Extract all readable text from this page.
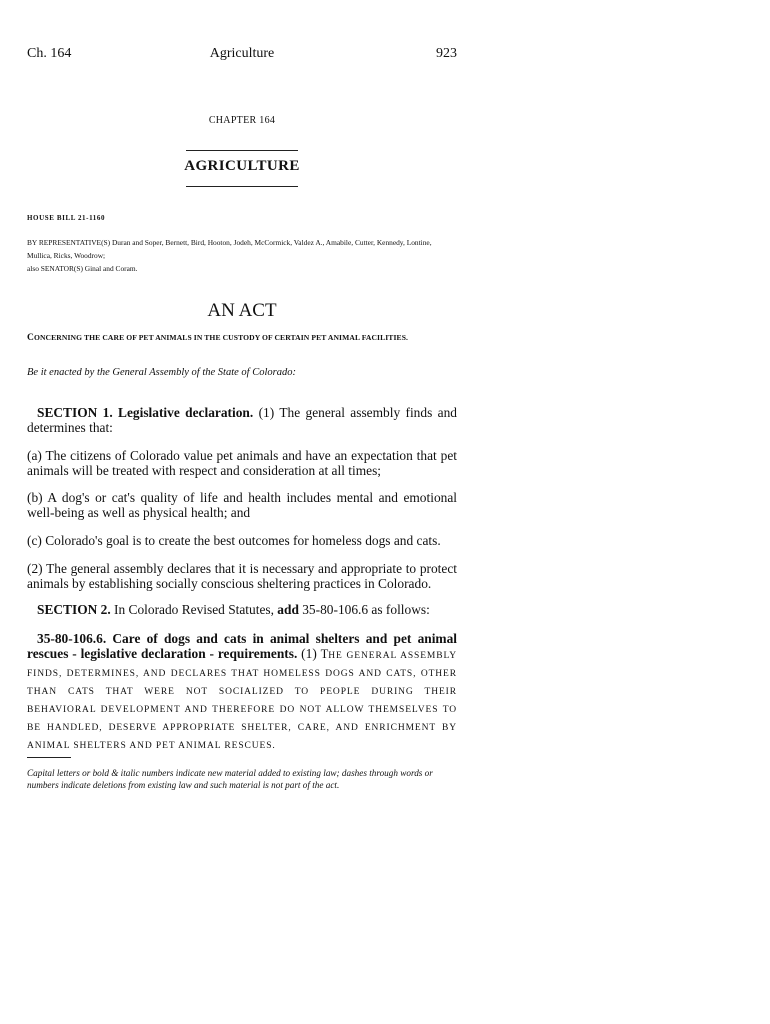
Ch. 164	Agriculture	923
CHAPTER 164
AGRICULTURE
HOUSE BILL 21-1160
BY REPRESENTATIVE(S) Duran and Soper, Bernett, Bird, Hooton, Jodeh, McCormick, Valdez A., Amabile, Cutter, Kennedy, Lontine, Mullica, Ricks, Woodrow;
also SENATOR(S) Ginal and Coram.
AN ACT
CONCERNING THE CARE OF PET ANIMALS IN THE CUSTODY OF CERTAIN PET ANIMAL FACILITIES.
Be it enacted by the General Assembly of the State of Colorado:
SECTION 1. Legislative declaration. (1) The general assembly finds and determines that:
(a) The citizens of Colorado value pet animals and have an expectation that pet animals will be treated with respect and consideration at all times;
(b) A dog's or cat's quality of life and health includes mental and emotional well-being as well as physical health; and
(c) Colorado's goal is to create the best outcomes for homeless dogs and cats.
(2) The general assembly declares that it is necessary and appropriate to protect animals by establishing socially conscious sheltering practices in Colorado.
SECTION 2. In Colorado Revised Statutes, add 35-80-106.6 as follows:
35-80-106.6. Care of dogs and cats in animal shelters and pet animal rescues - legislative declaration - requirements. (1) THE GENERAL ASSEMBLY FINDS, DETERMINES, AND DECLARES THAT HOMELESS DOGS AND CATS, OTHER THAN CATS THAT WERE NOT SOCIALIZED TO PEOPLE DURING THEIR BEHAVIORAL DEVELOPMENT AND THEREFORE DO NOT ALLOW THEMSELVES TO BE HANDLED, DESERVE APPROPRIATE SHELTER, CARE, AND ENRICHMENT BY ANIMAL SHELTERS AND PET ANIMAL RESCUES.
Capital letters or bold & italic numbers indicate new material added to existing law; dashes through words or numbers indicate deletions from existing law and such material is not part of the act.
